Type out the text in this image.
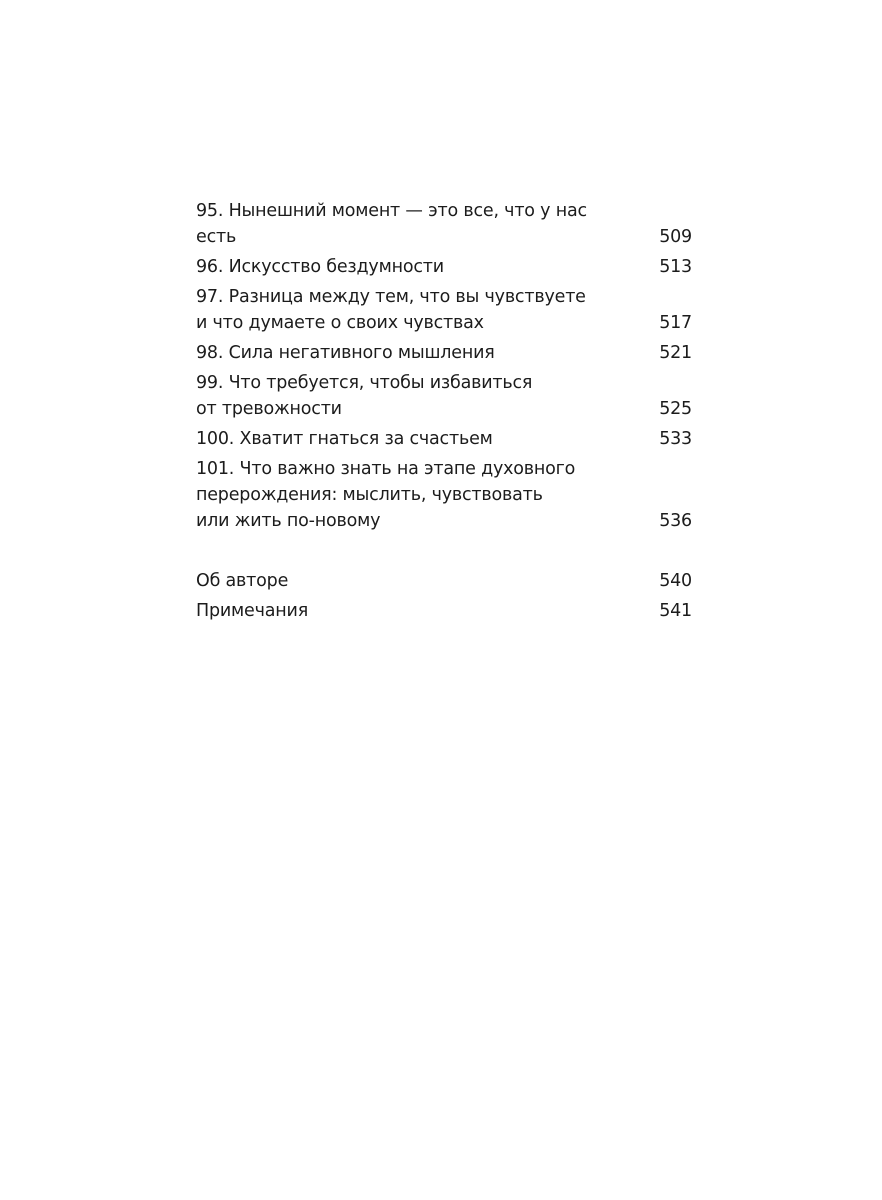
95. Нынешний момент — это все, что у нас есть	509
96. Искусство бездумности	513
97. Разница между тем, что вы чувствуете
и что думаете о своих чувствах	517
98. Сила негативного мышления	521
99. Что требуется, чтобы избавиться
от тревожности	525
100. Хватит гнаться за счастьем	533
101. Что важно знать на этапе духовного
перерождения: мыслить, чувствовать
или жить по-новому	536
Об авторе	540
Примечания	541
